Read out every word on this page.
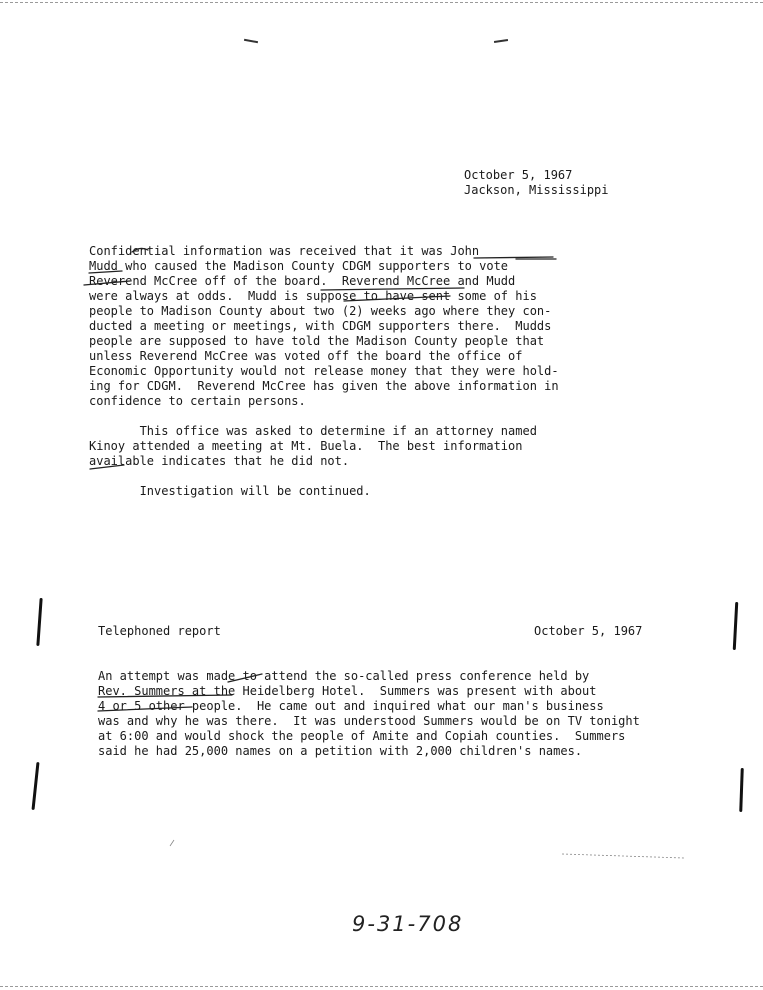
October 5, 1967
Jackson, Mississippi
Confidential information was received that it was John
Mudd who caused the Madison County CDGM supporters to vote
Reverend McCree off of the board.  Reverend McCree and Mudd
were always at odds.  Mudd is suppose to have sent some of his
people to Madison County about two (2) weeks ago where they con-
ducted a meeting or meetings, with CDGM supporters there.  Mudds
people are supposed to have told the Madison County people that
unless Reverend McCree was voted off the board the office of
Economic Opportunity would not release money that they were hold-
ing for CDGM.  Reverend McCree has given the above information in
confidence to certain persons.
This office was asked to determine if an attorney named
Kinoy attended a meeting at Mt. Buela.  The best information
available indicates that he did not.
Investigation will be continued.
Telephoned report	October 5, 1967
An attempt was made to attend the so-called press conference held by
Rev. Summers at the Heidelberg Hotel.  Summers was present with about
4 or 5 other people.  He came out and inquired what our man's business
was and why he was there.  It was understood Summers would be on TV tonight
at 6:00 and would shock the people of Amite and Copiah counties.  Summers
said he had 25,000 names on a petition with 2,000 children's names.
9-31-708
